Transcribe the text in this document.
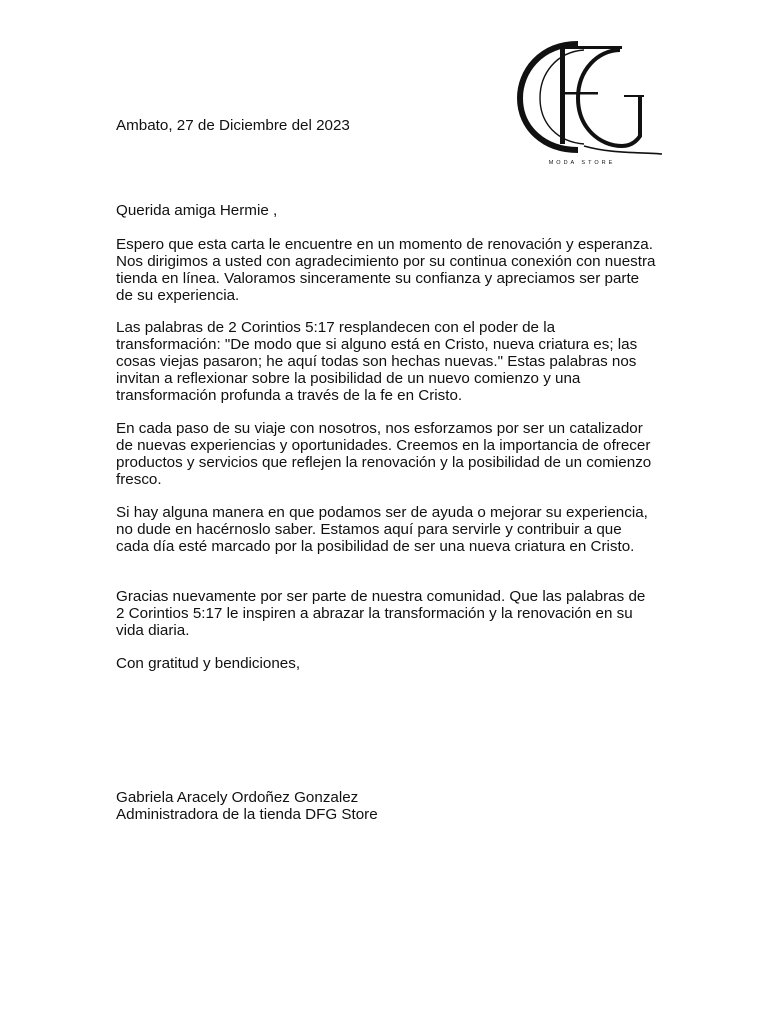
MODA STORE

Ambato, 27 de Diciembre del 2023

Querida amiga Hermie ,

Espero que esta carta le encuentre en un momento de renovación y esperanza. Nos dirigimos a usted con agradecimiento por su continua conexión con nuestra tienda en línea. Valoramos sinceramente su confianza y apreciamos ser parte de su experiencia.

Las palabras de 2 Corintios 5:17 resplandecen con el poder de la transformación: "De modo que si alguno está en Cristo, nueva criatura es; las cosas viejas pasaron; he aquí todas son hechas nuevas." Estas palabras nos invitan a reflexionar sobre la posibilidad de un nuevo comienzo y una transformación profunda a través de la fe en Cristo.

En cada paso de su viaje con nosotros, nos esforzamos por ser un catalizador de nuevas experiencias y oportunidades. Creemos en la importancia de ofrecer productos y servicios que reflejen la renovación y la posibilidad de un comienzo fresco.

Si hay alguna manera en que podamos ser de ayuda o mejorar su experiencia, no dude en hacérnoslo saber. Estamos aquí para servirle y contribuir a que cada día esté marcado por la posibilidad de ser una nueva criatura en Cristo.

Gracias nuevamente por ser parte de nuestra comunidad. Que las palabras de 2 Corintios 5:17 le inspiren a abrazar la transformación y la renovación en su vida diaria.

Con gratitud y bendiciones,

Gabriela Aracely Ordoñez Gonzalez

Administradora de la tienda DFG Store
